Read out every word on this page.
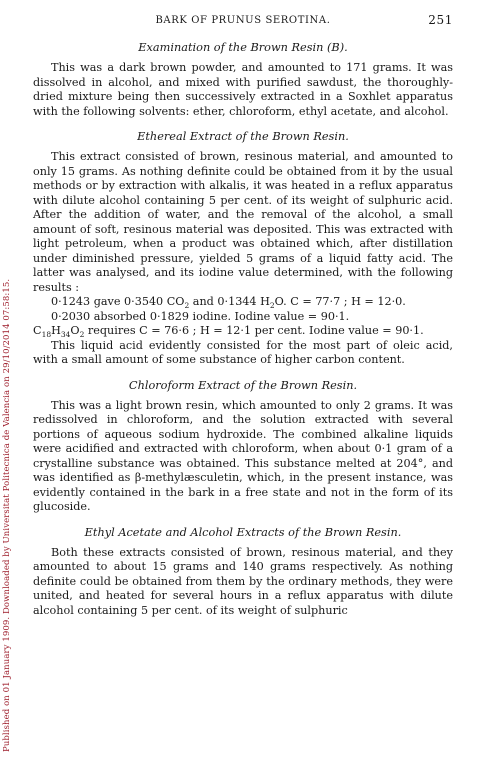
Published on 01 January 1909. Downloaded by Universitat Politecnica de Valencia on 29/10/2014 07:58:15.
BARK OF PRUNUS SEROTINA.	251
Examination of the Brown Resin (B).

This was a dark brown powder, and amounted to 171 grams. It was dissolved in alcohol, and mixed with purified sawdust, the thoroughly-dried mixture being then successively extracted in a Soxhlet apparatus with the following solvents: ether, chloroform, ethyl acetate, and alcohol.

Ethereal Extract of the Brown Resin.

This extract consisted of brown, resinous material, and amounted to only 15 grams. As nothing definite could be obtained from it by the usual methods or by extraction with alkalis, it was heated in a reflux apparatus with dilute alcohol containing 5 per cent. of its weight of sulphuric acid. After the addition of water, and the removal of the alcohol, a small amount of soft, resinous material was deposited. This was extracted with light petroleum, when a product was obtained which, after distillation under diminished pressure, yielded 5 grams of a liquid fatty acid. The latter was analysed, and its iodine value determined, with the following results :

0·1243 gave 0·3540 $CO_2$ and 0·1344 $H_2O$. C = 77·7 ; H = 12·0.
0·2030 absorbed 0·1829 iodine. Iodine value = 90·1.
$C_{18}H_{34}O_2$ requires C = 76·6 ; H = 12·1 per cent. Iodine value = 90·1.

This liquid acid evidently consisted for the most part of oleic acid, with a small amount of some substance of higher carbon content.

Chloroform Extract of the Brown Resin.

This was a light brown resin, which amounted to only 2 grams. It was redissolved in chloroform, and the solution extracted with several portions of aqueous sodium hydroxide. The combined alkaline liquids were acidified and extracted with chloroform, when about 0·1 gram of a crystalline substance was obtained. This substance melted at 204°, and was identified as β-methylæsculetin, which, in the present instance, was evidently contained in the bark in a free state and not in the form of its glucoside.

Ethyl Acetate and Alcohol Extracts of the Brown Resin.

Both these extracts consisted of brown, resinous material, and they amounted to about 15 grams and 140 grams respectively. As nothing definite could be obtained from them by the ordinary methods, they were united, and heated for several hours in a reflux apparatus with dilute alcohol containing 5 per cent. of its weight of sulphuric
